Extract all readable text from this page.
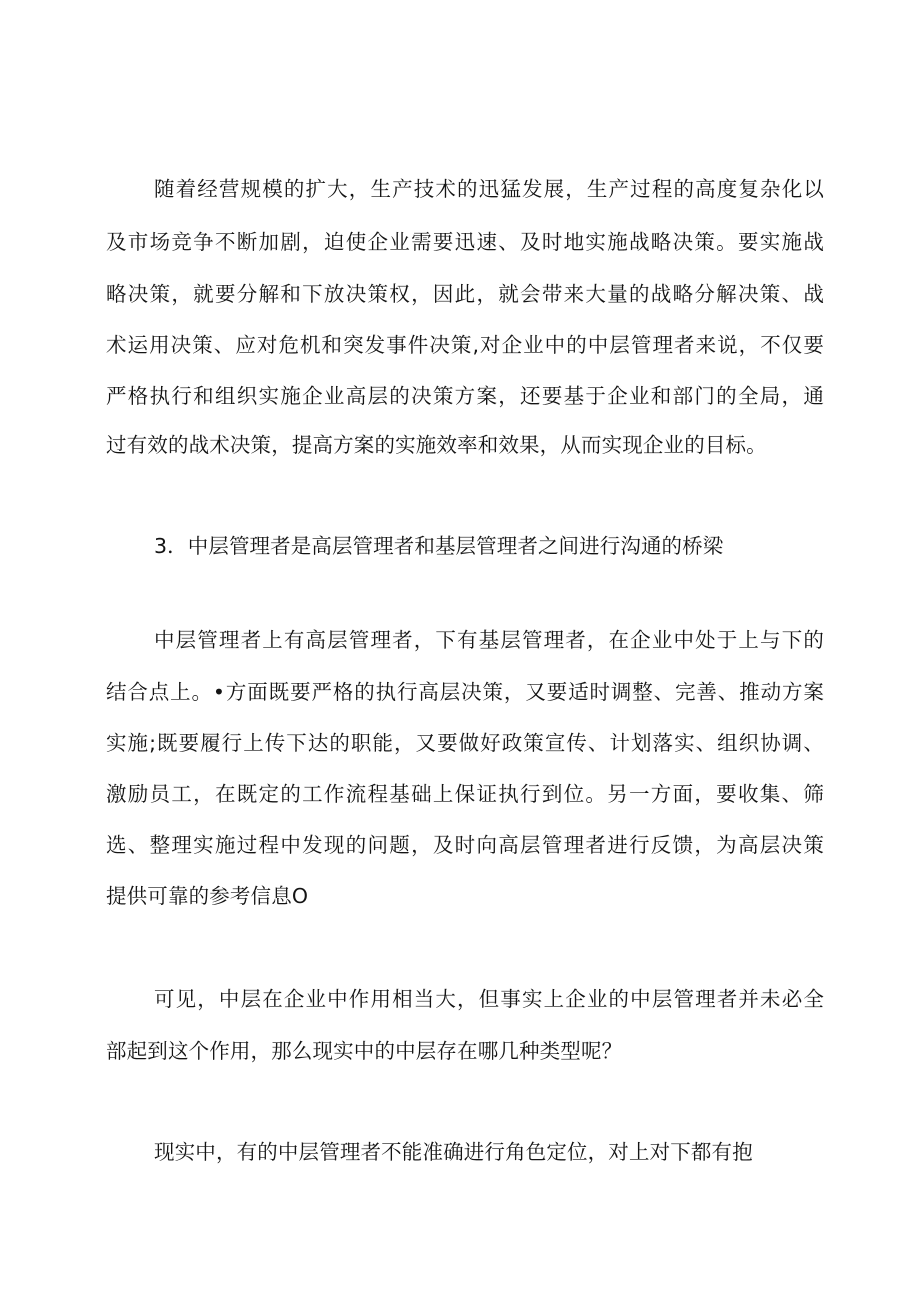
随着经营规模的扩大，生产技术的迅猛发展，生产过程的高度复杂化以
及市场竞争不断加剧，迫使企业需要迅速、及时地实施战略决策。要实施战
略决策，就要分解和下放决策权，因此，就会带来大量的战略分解决策、战
术运用决策、应对危机和突发事件决策,对企业中的中层管理者来说，不仅要
严格执行和组织实施企业高层的决策方案，还要基于企业和部门的全局，通
过有效的战术决策，提高方案的实施效率和效果，从而实现企业的目标。
3．中层管理者是高层管理者和基层管理者之间进行沟通的桥梁
中层管理者上有高层管理者，下有基层管理者，在企业中处于上与下的
结合点上。•方面既要严格的执行高层决策，又要适时调整、完善、推动方案
实施;既要履行上传下达的职能，又要做好政策宣传、计划落实、组织协调、
激励员工，在既定的工作流程基础上保证执行到位。另一方面，要收集、筛
选、整理实施过程中发现的问题，及时向高层管理者进行反馈，为高层决策
提供可靠的参考信息O
可见，中层在企业中作用相当大，但事实上企业的中层管理者并未必全
部起到这个作用，那么现实中的中层存在哪几种类型呢？
现实中，有的中层管理者不能准确进行角色定位，对上对下都有抱
